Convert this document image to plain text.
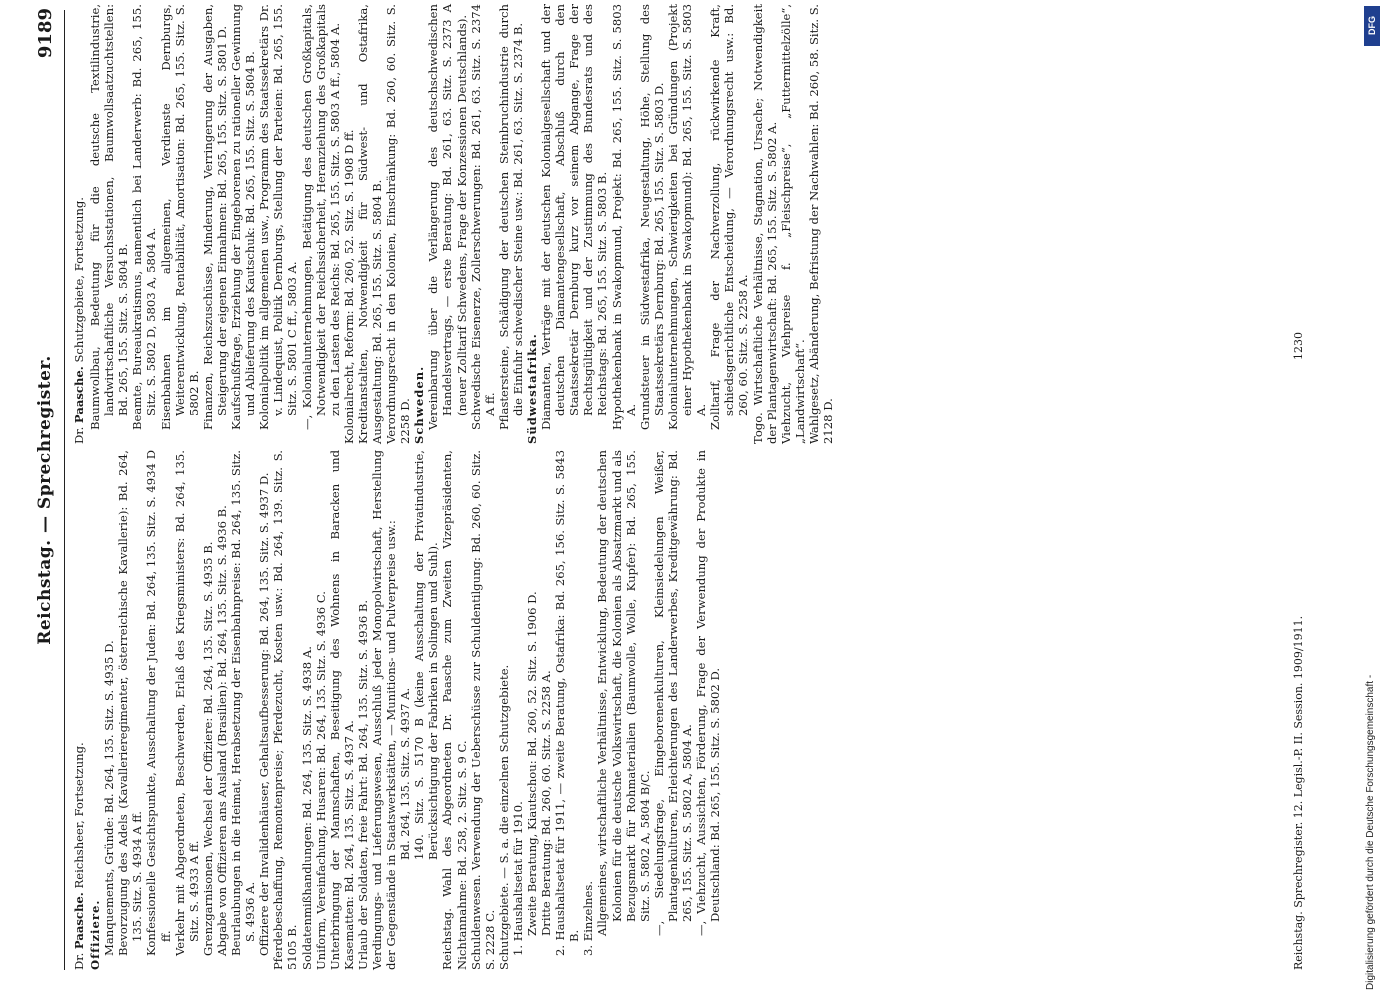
Reichstag. — Sprechregister.
9189

Dr. Paasche. Reichsheer, Fortsetzung.

Offiziere. Manquements, Gründe: Bd. 264, 135. Sitz. S. 4935 D. Bevorzugung des Adels (Kavallerieregimenter, österreichische Kavallerie): Bd. 264, 135. Sitz. S. 4934 A ff. Konfessionelle Gesichtspunkte, Ausschaltung der Juden: Bd. 264, 135. Sitz. S. 4934 D ff. Verkehr mit Abgeordneten, Beschwerden, Erlaß des Kriegsministers: Bd. 264, 135. Sitz. S. 4933 A ff. Grenzgarnisonen, Wechsel der Offiziere: Bd. 264, 135. Sitz. S. 4935 B. Abgabe von Offizieren ans Ausland (Brasilien): Bd. 264, 135. Sitz. S. 4936 B. Beurlaubungen in die Heimat, Herabsetzung der Eisenbahnpreise: Bd. 264, 135. Sitz. S. 4936 A. Offiziere der Invalidenhäuser, Gehaltsaufbesserung: Bd. 264, 135. Sitz. S. 4937 D. Pferdebeschaffung, Remontenpreise; Pferdezucht, Kosten usw.: Bd. 264, 139. Sitz. S. 5105 B. Soldatenmißhandlungen: Bd. 264, 135. Sitz. S. 4938 A. Uniform, Vereinfachung, Husaren: Bd. 264, 135. Sitz. S. 4936 C. Unterbringung der Mannschaften, Beseitigung des Wohnens in Baracken und Kasematten: Bd. 264, 135. Sitz. S. 4937 A. Urlaub der Soldaten, freie Fahrt: Bd. 264, 135. Sitz. S. 4936 B. Verdingungs- und Lieferungswesen, Ausschluß jeder Monopolwirtschaft, Herstellung der Gegenstände in Staatswerkstätten, — Munitions- und Pulverpreise usw.: Bd. 264, 135. Sitz. S. 4937 A. 140. Sitz. S. 5170 B (keine Ausschaltung der Privatindustrie, Berücksichtigung der Fabriken in Solingen und Suhl). Reichstag. Wahl des Abgeordneten Dr. Paasche zum Zweiten Vizepräsidenten, Nichtannahme: Bd. 258, 2. Sitz. S. 9 C. Schuldenwesen. Verwendung der Ueberschüsse zur Schuldentilgung: Bd. 260, 60. Sitz. S. 2228 C. Schutzgebiete. — S. a. die einzelnen Schutzgebiete. 1. Haushaltsetat für 1910. Zweite Beratung, Kiautschou: Bd. 260, 52. Sitz. S. 1906 D. Dritte Beratung: Bd. 260, 60. Sitz. S. 2258 A. 2. Haushaltsetat für 1911, — zweite Beratung, Ostafrika: Bd. 265, 156. Sitz. S. 5843 B. 3. Einzelnes. Allgemeines, wirtschaftliche Verhältnisse, Entwicklung, Bedeutung der deutschen Kolonien für die deutsche Volkswirtschaft, die Kolonien als Absatzmarkt und als Bezugsmarkt für Rohmaterialien (Baumwolle, Wolle, Kupfer): Bd. 265, 155. Sitz. S. 5802 A, 5804 B/C. —, Siedelungsfrage, Eingeborenenkulturen, Kleinsiedelungen Weißer, Plantagenkulturen, Erleichterungen des Landerwerbes, Kreditgewährung: Bd. 265, 155. Sitz. S. 5802 A, 5804 A. —, Viehzucht, Aussichten, Förderung, Frage der Verwendung der Produkte in Deutschland: Bd. 265, 155. Sitz. S. 5802 D.

Dr. Paasche. Schutzgebiete, Fortsetzung. Baumwollbau, Bedeutung für die deutsche Textilindustrie, landwirtschaftliche Versuchsstationen, Baumwollsaatzuchtstellen: Bd. 265, 155. Sitz. S. 5804 B. Beamte, Bureaukratismus, namentlich bei Landerwerb: Bd. 265, 155. Sitz. S. 5802 D, 5803 A, 5804 A. Eisenbahnen im allgemeinen, Verdienste Dernburgs, Weiterentwicklung, Rentabilität, Amortisation: Bd. 265, 155. Sitz. S. 5802 B. Finanzen, Reichszuschüsse, Minderung, Verringerung der Ausgaben, Steigerung der eigenen Einnahmen: Bd. 265, 155. Sitz. S. 5801 D. Kaufschußfrage, Erziehung der Eingeborenen zu rationeller Gewinnung und Ablieferung des Kautschuk: Bd. 265, 155. Sitz. S. 5804 B. Kolonialpolitik im allgemeinen usw., Programm des Staatssekretärs Dr. v. Lindequist, Politik Dernburgs, Stellung der Parteien: Bd. 265, 155. Sitz. S. 5801 C ff., 5803 A. —, Kolonialunternehmungen, Betätigung des deutschen Großkapitals, Notwendigkeit der Reichssicherheit, Heranziehung des Großkapitals zu den Lasten des Reichs: Bd. 265, 155. Sitz. S. 5803 A ff., 5804 A. Kolonialrecht, Reform: Bd. 260, 52. Sitz. S. 1908 D ff. Kreditanstalten, Notwendigkeit für Südwest- und Ostafrika, Ausgestaltung: Bd. 265, 155. Sitz. S. 5804 B. Verordnungsrecht in den Kolonien, Einschränkung: Bd. 260, 60. Sitz. S. 2258 D. Schweden. Vereinbarung über die Verlängerung des deutschschwedischen Handelsvertrags, — erste Beratung: Bd. 261, 63. Sitz. S. 2373 A (neuer Zolltarif Schwedens, Frage der Konzessionen Deutschlands). Schwedische Eisenerze, Zollerschwerungen: Bd. 261, 63. Sitz. S. 2374 A ff. Pflastersteine, Schädigung der deutschen Steinbruchindustrie durch die Einfuhr schwedischer Steine usw.: Bd. 261, 63. Sitz. S. 2374 B. Südwestafrika. Diamanten, Verträge mit der deutschen Kolonialgesellschaft und der deutschen Diamantengesellschaft, Abschluß durch den Staatssekretär Dernburg kurz vor seinem Abgange, Frage der Rechtsgültigkeit und der Zustimmung des Bundesrats und des Reichstags: Bd. 265, 155. Sitz. S. 5803 B. Hypothekenbank in Swakopmund, Projekt: Bd. 265, 155. Sitz. S. 5803 A. Grundsteuer in Südwestafrika, Neugestaltung, Höhe, Stellung des Staatssekretärs Dernburg: Bd. 265, 155. Sitz. S. 5803 D. Kolonialunternehmungen, Schwierigkeiten bei Gründungen (Projekt einer Hypothekenbank in Swakopmund): Bd. 265, 155. Sitz. S. 5803 A. Zolltarif, Frage der Nachverzollung, rückwirkende Kraft, schiedsgerichtliche Entscheidung, — Verordnungsrecht usw.: Bd. 260, 60. Sitz. S. 2258 A. Togo. Wirtschaftliche Verhältnisse, Stagnation, Ursache; Notwendigkeit der Plantagenwirtschaft: Bd. 265, 155. Sitz. S. 5802 A. Viehzucht, Viehpreise f. „Fleischpreise“, „Futtermittelzölle“, „Landwirtschaft“. Wahlgesetz, Abänderung, Befristung der Nachwahlen: Bd. 260, 58. Sitz. S. 2128 D.

Reichstag. Sprechregister. 12. Legisl.-P. II. Session. 1909/1911.
1230
Digitalisierung gefördert durch die Deutsche Forschungsgemeinschaft -
DFG
